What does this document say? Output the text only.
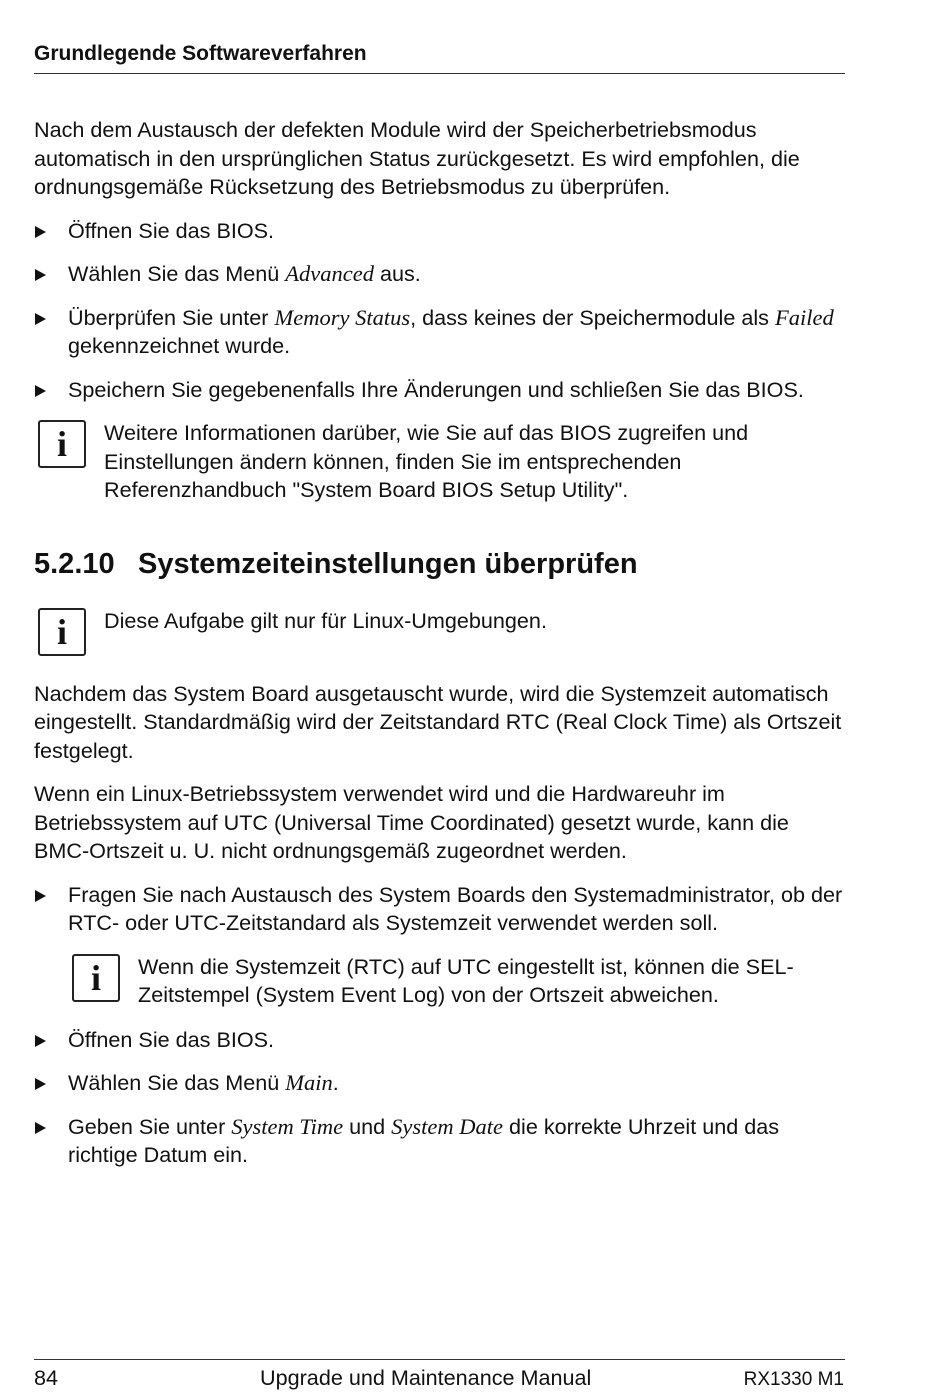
Grundlegende Softwareverfahren

Nach dem Austausch der defekten Module wird der Speicherbetriebsmodus automatisch in den ursprünglichen Status zurückgesetzt. Es wird empfohlen, die ordnungsgemäße Rücksetzung des Betriebsmodus zu überprüfen.

Öffnen Sie das BIOS.
Wählen Sie das Menü Advanced aus.
Überprüfen Sie unter Memory Status, dass keines der Speichermodule als Failed gekennzeichnet wurde.
Speichern Sie gegebenenfalls Ihre Änderungen und schließen Sie das BIOS.
i	Weitere Informationen darüber, wie Sie auf das BIOS zugreifen und Einstellungen ändern können, finden Sie im entsprechenden Referenzhandbuch "System Board BIOS Setup Utility".
5.2.10 Systemzeiteinstellungen überprüfen
i	Diese Aufgabe gilt nur für Linux-Umgebungen.

Nachdem das System Board ausgetauscht wurde, wird die Systemzeit automatisch eingestellt. Standardmäßig wird der Zeitstandard RTC (Real Clock Time) als Ortszeit festgelegt.

Wenn ein Linux-Betriebssystem verwendet wird und die Hardwareuhr im Betriebssystem auf UTC (Universal Time Coordinated) gesetzt wurde, kann die BMC-Ortszeit u. U. nicht ordnungsgemäß zugeordnet werden.

Fragen Sie nach Austausch des System Boards den Systemadministrator, ob der RTC- oder UTC-Zeitstandard als Systemzeit verwendet werden soll.
i	Wenn die Systemzeit (RTC) auf UTC eingestellt ist, können die SEL-Zeitstempel (System Event Log) von der Ortszeit abweichen.
Öffnen Sie das BIOS.
Wählen Sie das Menü Main.
Geben Sie unter System Time und System Date die korrekte Uhrzeit und das richtige Datum ein.
84	Upgrade und Maintenance Manual	RX1330 M1
